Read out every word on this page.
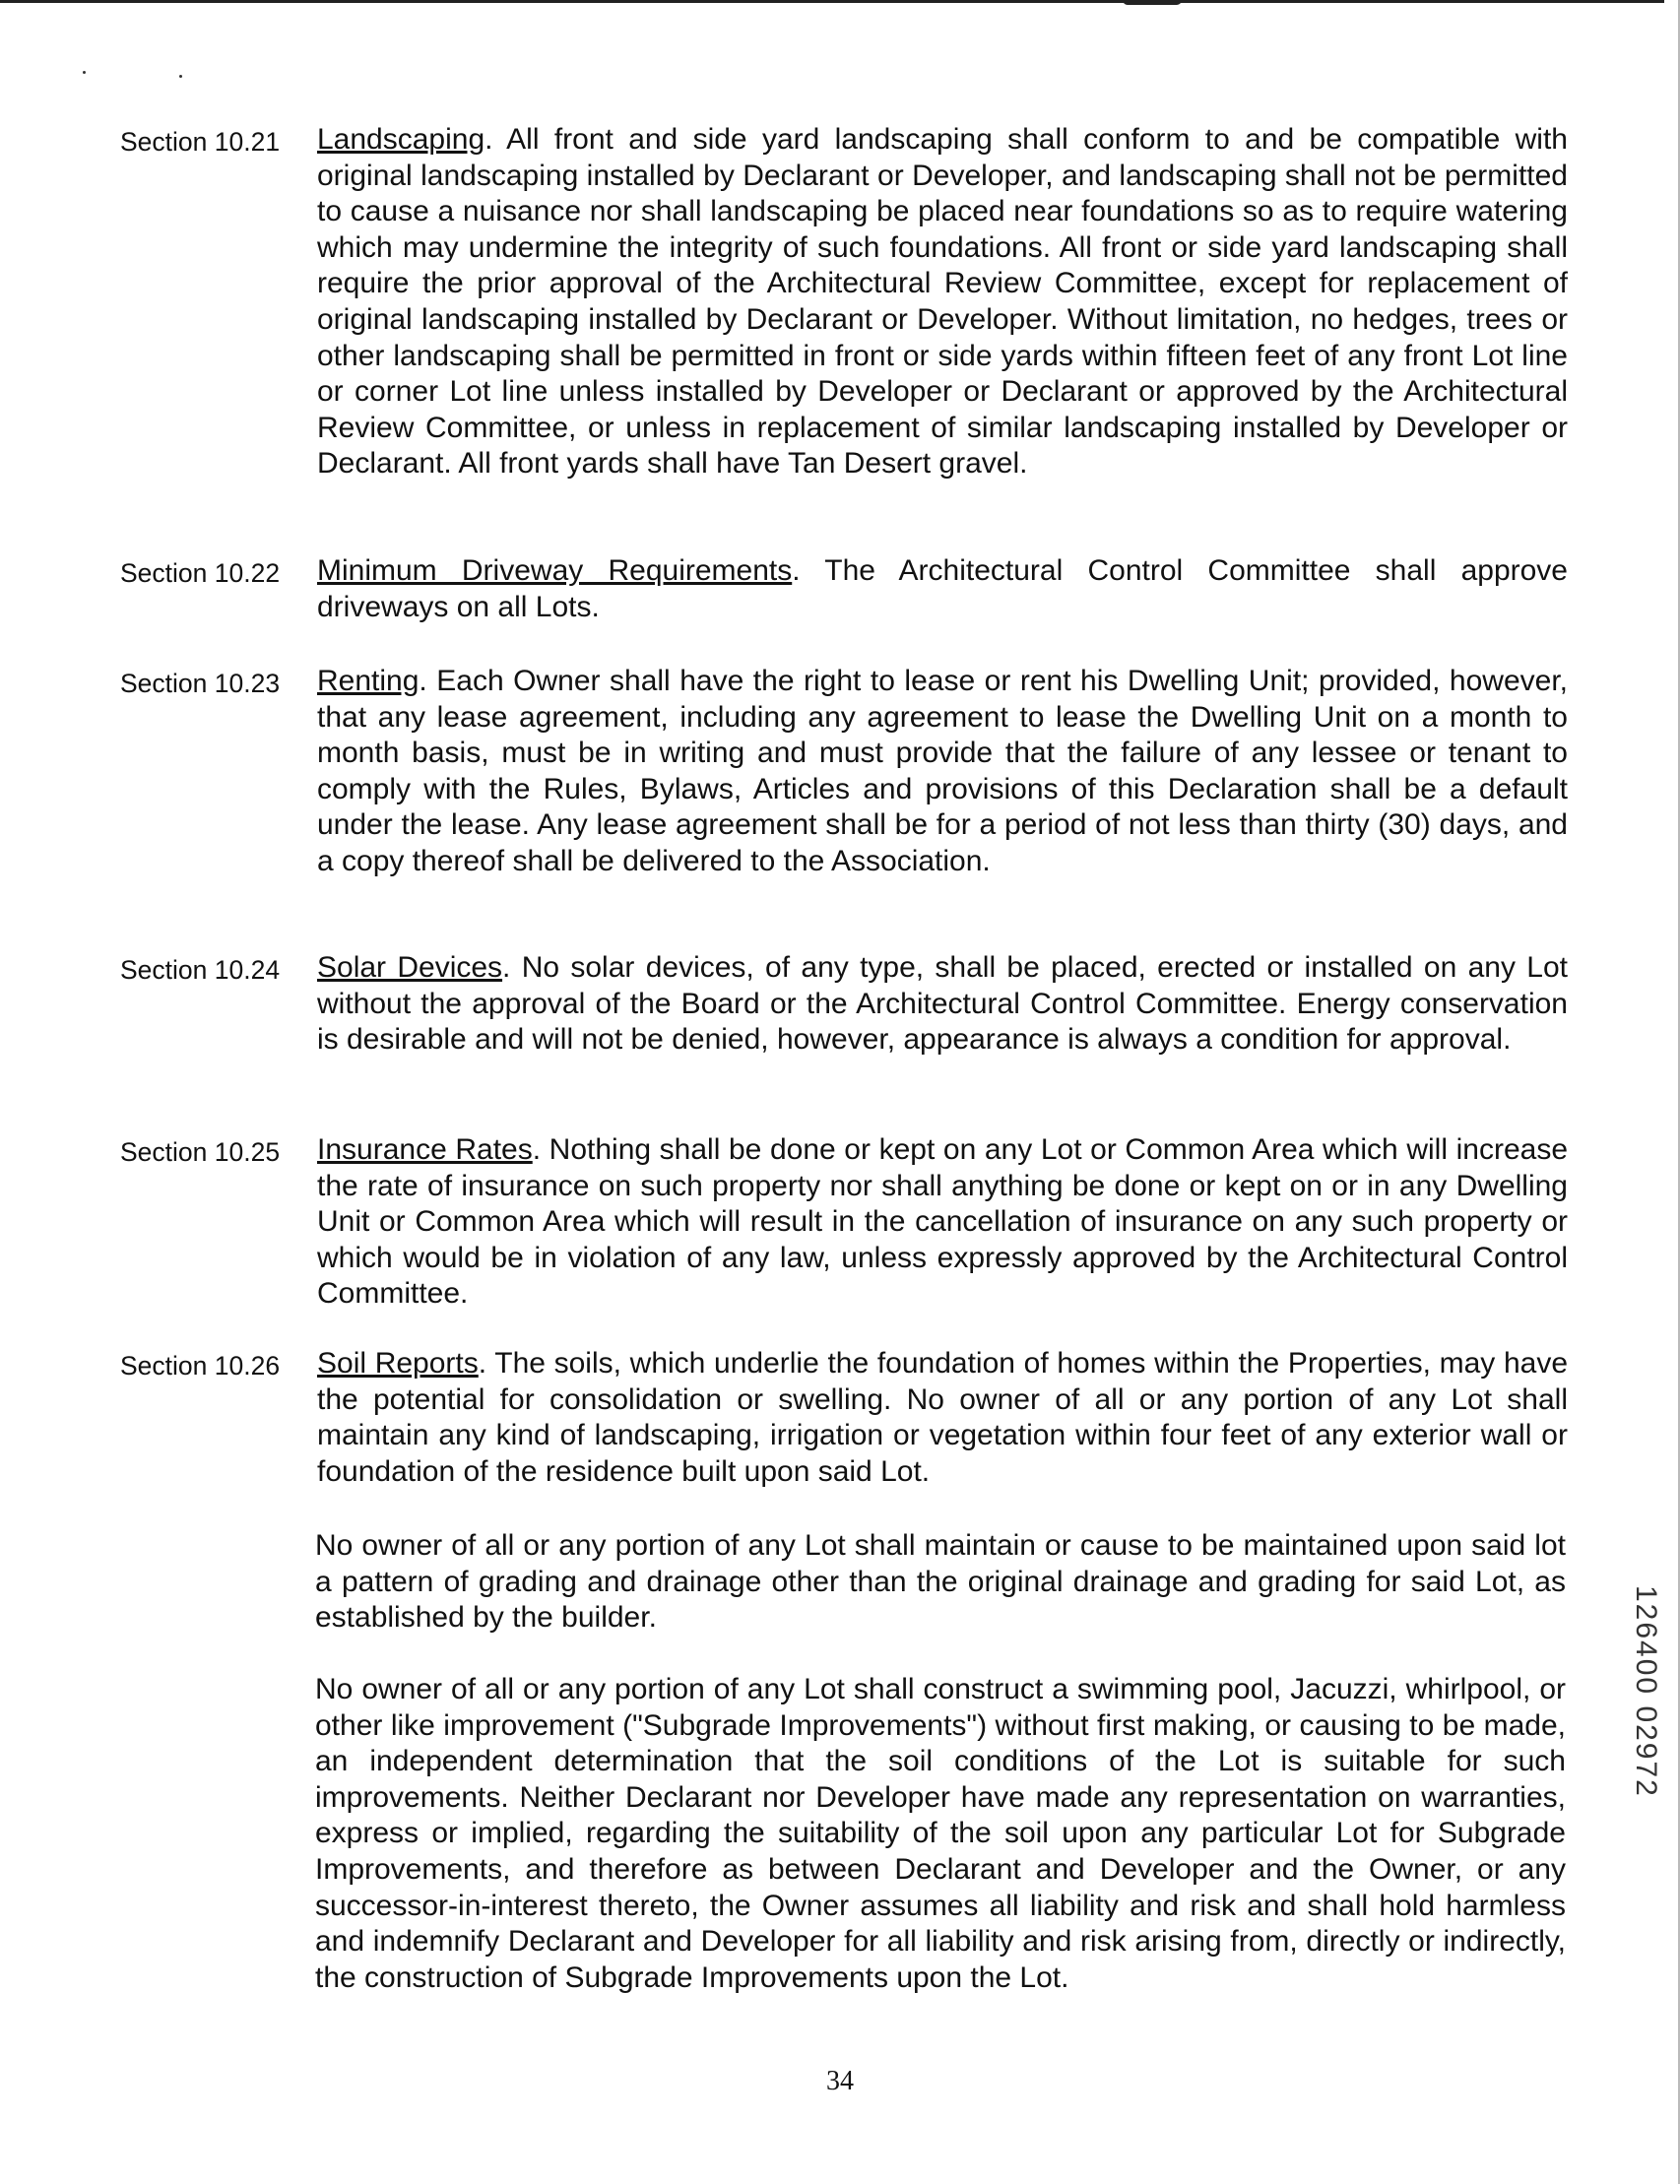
Section 10.21	Landscaping. All front and side yard landscaping shall conform to and be compatible with original landscaping installed by Declarant or Developer, and landscaping shall not be permitted to cause a nuisance nor shall landscaping be placed near foundations so as to require watering which may undermine the integrity of such foundations. All front or side yard landscaping shall require the prior approval of the Architectural Review Committee, except for replacement of original landscaping installed by Declarant or Developer. Without limitation, no hedges, trees or other landscaping shall be permitted in front or side yards within fifteen feet of any front Lot line or corner Lot line unless installed by Developer or Declarant or approved by the Architectural Review Committee, or unless in replacement of similar landscaping installed by Developer or Declarant. All front yards shall have Tan Desert gravel.
Section 10.22	Minimum Driveway Requirements. The Architectural Control Committee shall approve driveways on all Lots.
Section 10.23	Renting. Each Owner shall have the right to lease or rent his Dwelling Unit; provided, however, that any lease agreement, including any agreement to lease the Dwelling Unit on a month to month basis, must be in writing and must provide that the failure of any lessee or tenant to comply with the Rules, Bylaws, Articles and provisions of this Declaration shall be a default under the lease. Any lease agreement shall be for a period of not less than thirty (30) days, and a copy thereof shall be delivered to the Association.
Section 10.24	Solar Devices. No solar devices, of any type, shall be placed, erected or installed on any Lot without the approval of the Board or the Architectural Control Committee. Energy conservation is desirable and will not be denied, however, appearance is always a condition for approval.
Section 10.25	Insurance Rates. Nothing shall be done or kept on any Lot or Common Area which will increase the rate of insurance on such property nor shall anything be done or kept on or in any Dwelling Unit or Common Area which will result in the cancellation of insurance on any such property or which would be in violation of any law, unless expressly approved by the Architectural Control Committee.
Section 10.26	Soil Reports. The soils, which underlie the foundation of homes within the Properties, may have the potential for consolidation or swelling. No owner of all or any portion of any Lot shall maintain any kind of landscaping, irrigation or vegetation within four feet of any exterior wall or foundation of the residence built upon said Lot.
No owner of all or any portion of any Lot shall maintain or cause to be maintained upon said lot a pattern of grading and drainage other than the original drainage and grading for said Lot, as established by the builder.
No owner of all or any portion of any Lot shall construct a swimming pool, Jacuzzi, whirlpool, or other like improvement ("Subgrade Improvements") without first making, or causing to be made, an independent determination that the soil conditions of the Lot is suitable for such improvements. Neither Declarant nor Developer have made any representation on warranties, express or implied, regarding the suitability of the soil upon any particular Lot for Subgrade Improvements, and therefore as between Declarant and Developer and the Owner, or any successor-in-interest thereto, the Owner assumes all liability and risk and shall hold harmless and indemnify Declarant and Developer for all liability and risk arising from, directly or indirectly, the construction of Subgrade Improvements upon the Lot.
34
126400 02972
